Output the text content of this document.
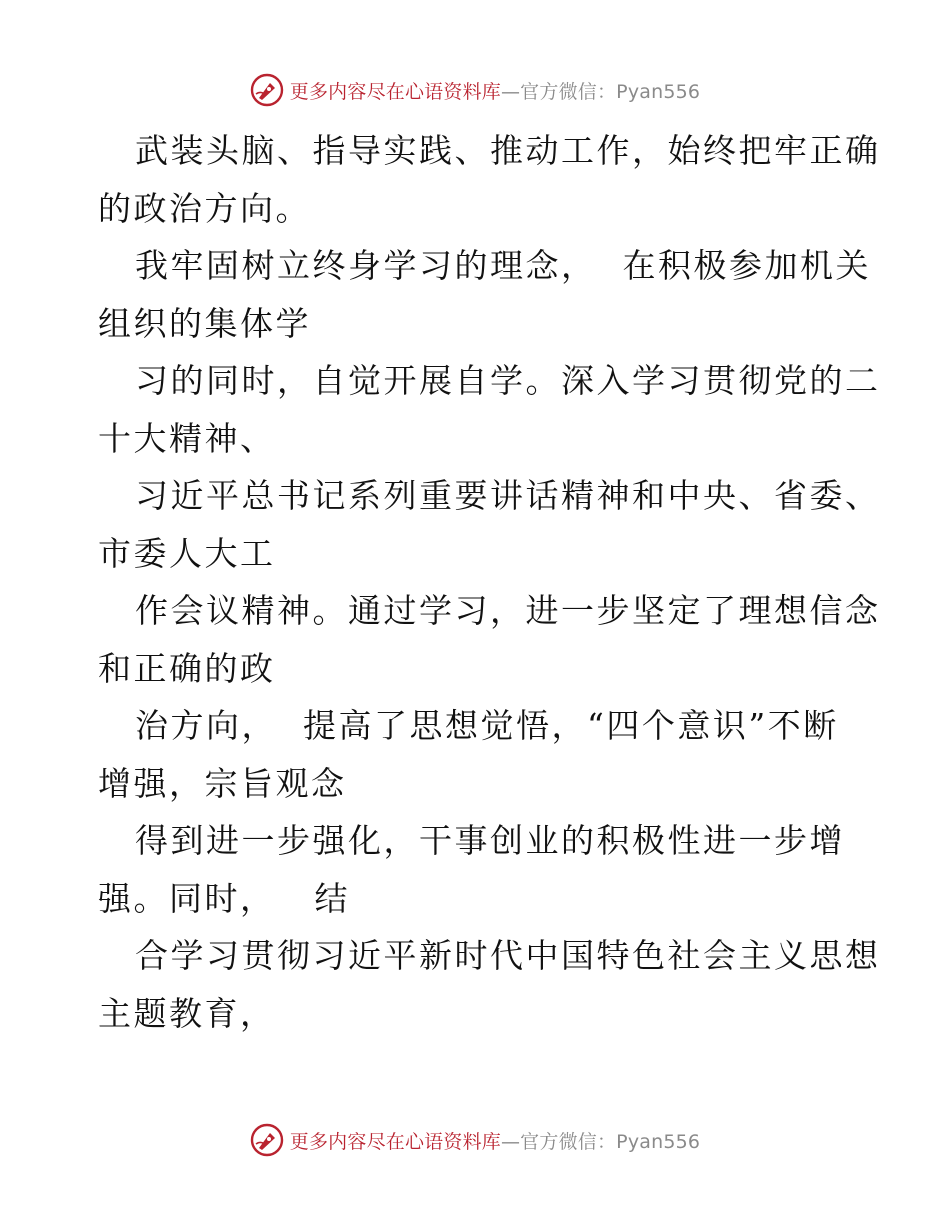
更多内容尽在心语资料库—官方微信：Pyan556
武装头脑、指导实践、推动工作，始终把牢正确
的政治方向。
我牢固树立终身学习的理念，  在积极参加机关
组织的集体学
习的同时，自觉开展自学。深入学习贯彻党的二
十大精神、
习近平总书记系列重要讲话精神和中央、省委、
市委人大工
作会议精神。通过学习，进一步坚定了理想信念
和正确的政
治方向，  提高了思想觉悟，“四个意识”不断
增强，宗旨观念
得到进一步强化，干事创业的积极性进一步增
强。同时，   结
合学习贯彻习近平新时代中国特色社会主义思想
主题教育，
更多内容尽在心语资料库—官方微信：Pyan556
